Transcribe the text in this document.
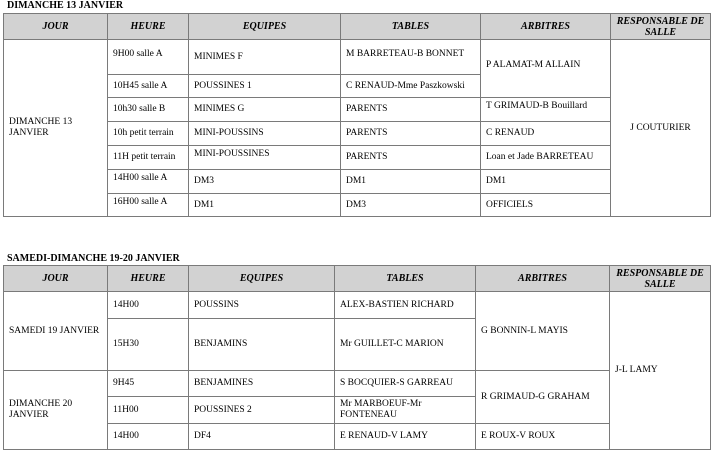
DIMANCHE 13 JANVIER
JOUR	HEURE	EQUIPES	TABLES	ARBITRES	RESPONSABLE DE SALLE
DIMANCHE 13 JANVIER	9H00 salle A	MINIMES F	M BARRETEAU-B BONNET	P ALAMAT-M ALLAIN	J COUTURIER
	10H45 salle A	POUSSINES 1	C RENAUD-Mme Paszkowski		
	10h30 salle B	MINIMES G	PARENTS	T GRIMAUD-B Bouillard	

	10h petit terrain	MINI-POUSSINS	PARENTS	C RENAUD	
	11H petit terrain	MINI-POUSSINES	PARENTS	Loan et Jade BARRETEAU	

	14H00 salle A	DM3	DM1	DM1	

	16H00 salle A	DM1	DM3	OFFICIELS	
SAMEDI-DIMANCHE 19-20 JANVIER
JOUR	HEURE	EQUIPES	TABLES	ARBITRES	RESPONSABLE DE SALLE
SAMEDI 19 JANVIER	14H00	POUSSINS	ALEX-BASTIEN RICHARD	G BONNIN-L MAYIS	J-L LAMY
	15H30	BENJAMINS	Mr GUILLET-C MARION		
DIMANCHE 20 JANVIER	9H45	BENJAMINES	S BOCQUIER-S GARREAU	R GRIMAUD-G GRAHAM	
	11H00	POUSSINES 2	Mr MARBOEUF-Mr FONTENEAU		
	14H00	DF4	E RENAUD-V LAMY	E ROUX-V ROUX	
